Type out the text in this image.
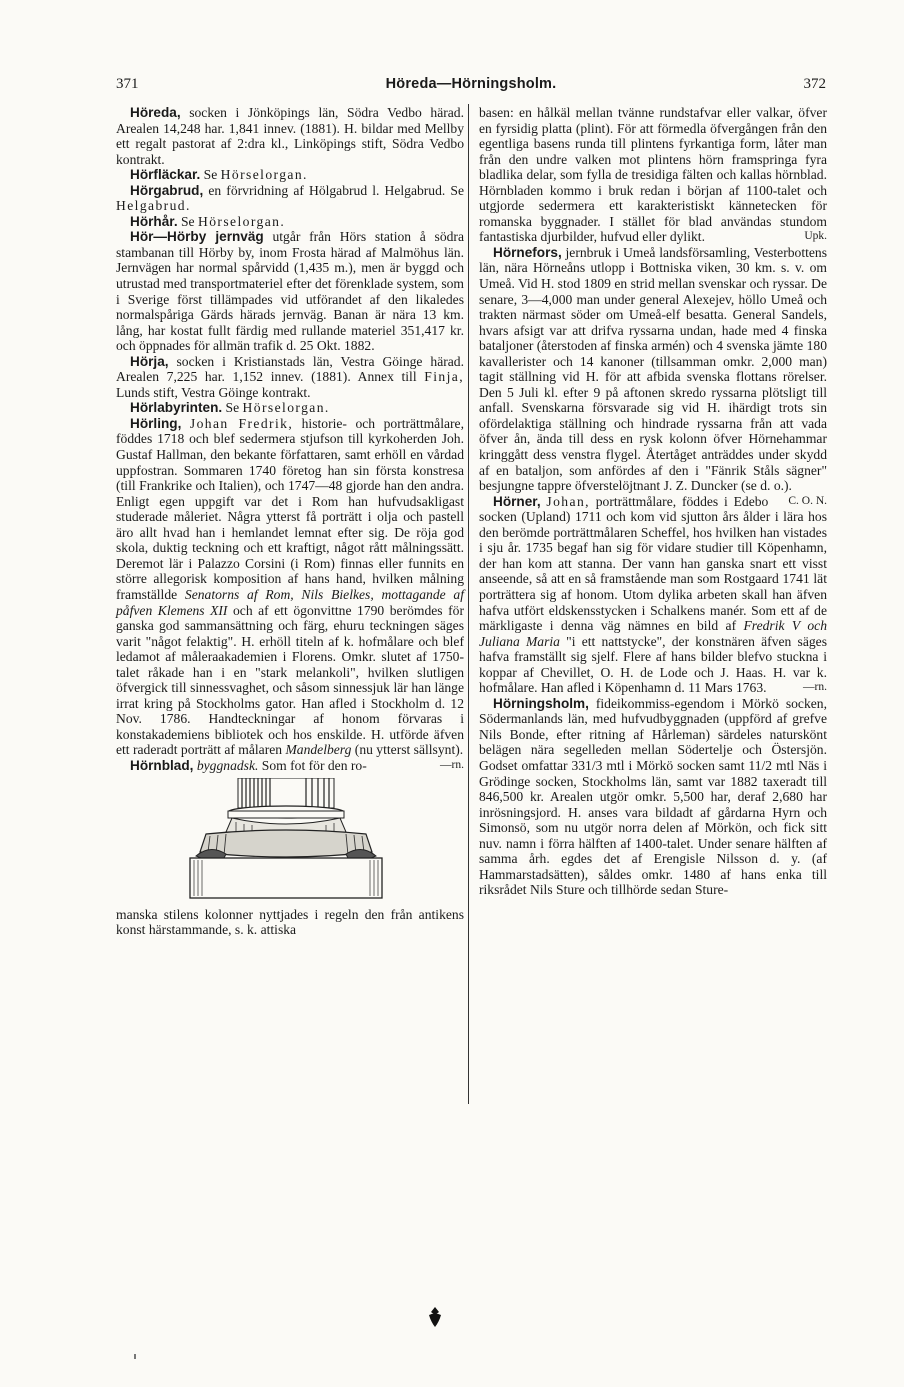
371	Höreda—Hörningsholm.	372

Höreda, socken i Jönköpings län, Södra Vedbo härad. Arealen 14,248 har. 1,841 innev. (1881). H. bildar med Mellby ett regalt pastorat af 2:dra kl., Linköpings stift, Södra Vedbo kontrakt.

Hörfläckar. Se Hörselorgan.

Hörgabrud, en förvridning af Hölgabrud l. Helgabrud. Se Helgabrud.

Hörhår. Se Hörselorgan.

Hör—Hörby jernväg utgår från Hörs station å södra stambanan till Hörby by, inom Frosta härad af Malmöhus län. Jernvägen har normal spårvidd (1,435 m.), men är byggd och utrustad med transportmateriel efter det förenklade system, som i Sverige först tillämpades vid utförandet af den likaledes normalspåriga Gärds härads jernväg. Banan är nära 13 km. lång, har kostat fullt färdig med rullande materiel 351,417 kr. och öppnades för allmän trafik d. 25 Okt. 1882.

Hörja, socken i Kristianstads län, Vestra Göinge härad. Arealen 7,225 har. 1,152 innev. (1881). Annex till Finja, Lunds stift, Vestra Göinge kontrakt.

Hörlabyrinten. Se Hörselorgan.

Hörling, Johan Fredrik, historie- och porträttmålare, föddes 1718 och blef sedermera stjufson till kyrkoherden Joh. Gustaf Hallman, den bekante författaren, samt erhöll en vårdad uppfostran. Sommaren 1740 företog han sin första konstresa (till Frankrike och Italien), och 1747—48 gjorde han den andra. Enligt egen uppgift var det i Rom han hufvudsakligast studerade måleriet. Några ytterst få porträtt i olja och pastell äro allt hvad han i hemlandet lemnat efter sig. De röja god skola, duktig teckning och ett kraftigt, något rått målningssätt. Deremot lär i Palazzo Corsini (i Rom) finnas eller funnits en större allegorisk komposition af hans hand, hvilken målning framställde Senatorns af Rom, Nils Bielkes, mottagande af påfven Klemens XII och af ett ögonvittne 1790 berömdes för ganska god sammansättning och färg, ehuru teckningen säges varit "något felaktig". H. erhöll titeln af k. hofmålare och blef ledamot af måleraakademien i Florens. Omkr. slutet af 1750-talet råkade han i en "stark melankoli", hvilken slutligen öfvergick till sinnessvaghet, och såsom sinnessjuk lär han länge irrat kring på Stockholms gator. Han afled i Stockholm d. 12 Nov. 1786. Handteckningar af honom förvaras i konstakademiens bibliotek och hos enskilde. H. utförde äfven ett raderadt porträtt af målaren Mandelberg (nu ytterst sällsynt).
—rn.

Hörnblad, byggnadsk. Som fot för den ro-

manska stilens kolonner nyttjades i regeln den från antikens konst härstammande, s. k. attiska

basen: en hålkäl mellan tvänne rundstafvar eller valkar, öfver en fyrsidig platta (plint). För att förmedla öfvergången från den egentliga basens runda till plintens fyrkantiga form, låter man från den undre valken mot plintens hörn framspringa fyra bladlika delar, som fylla de tresidiga fälten och kallas hörnblad. Hörnbladen kommo i bruk redan i början af 1100-talet och utgjorde sedermera ett karakteristiskt kännetecken för romanska byggnader. I stället för blad användas stundom fantastiska djurbilder, hufvud eller dylikt.	Upk.

Hörnefors, jernbruk i Umeå landsförsamling, Vesterbottens län, nära Hörneåns utlopp i Bottniska viken, 30 km. s. v. om Umeå. Vid H. stod 1809 en strid mellan svenskar och ryssar. De senare, 3—4,000 man under general Alexejev, höllo Umeå och trakten närmast söder om Umeå-elf besatta. General Sandels, hvars afsigt var att drifva ryssarna undan, hade med 4 finska bataljoner (återstoden af finska armén) och 4 svenska jämte 180 kavallerister och 14 kanoner (tillsamman omkr. 2,000 man) tagit ställning vid H. för att afbida svenska flottans rörelser. Den 5 Juli kl. efter 9 på aftonen skredo ryssarna plötsligt till anfall. Svenskarna försvarade sig vid H. ihärdigt trots sin ofördelaktiga ställning och hindrade ryssarna från att vada öfver ån, ända till dess en rysk kolonn öfver Hörnehammar kringgått dess venstra flygel. Återtåget anträddes under skydd af en bataljon, som anfördes af den i "Fänrik Ståls sägner" besjungne tappre öfverstelöjtnant J. Z. Duncker (se d. o.).
C. O. N.

Hörner, Johan, porträttmålare, föddes i Edebo socken (Upland) 1711 och kom vid sjutton års ålder i lära hos den berömde porträttmålaren Scheffel, hos hvilken han vistades i sju år. 1735 begaf han sig för vidare studier till Köpenhamn, der han kom att stanna. Der vann han ganska snart ett visst anseende, så att en så framstående man som Rostgaard 1741 lät porträttera sig af honom. Utom dylika arbeten skall han äfven hafva utfört eldskensstycken i Schalkens manér. Som ett af de märkligaste i denna väg nämnes en bild af Fredrik V och Juliana Maria "i ett nattstycke", der konstnären äfven säges hafva framställt sig sjelf. Flere af hans bilder blefvo stuckna i koppar af Chevillet, O. H. de Lode och J. Haas. H. var k. hofmålare. Han afled i Köpenhamn d. 11 Mars 1763.	—rn.

Hörningsholm, fideikommiss-egendom i Mörkö socken, Södermanlands län, med hufvudbyggnaden (uppförd af grefve Nils Bonde, efter ritning af Hårleman) särdeles naturskönt belägen nära segelleden mellan Södertelje och Östersjön. Godset omfattar 331/3 mtl i Mörkö socken samt 11/2 mtl Näs i Grödinge socken, Stockholms län, samt var 1882 taxeradt till 846,500 kr. Arealen utgör omkr. 5,500 har, deraf 2,680 har inrösningsjord. H. anses vara bildadt af gårdarna Hyrn och Simonsö, som nu utgör norra delen af Mörkön, och fick sitt nuv. namn i förra hälften af 1400-talet. Under senare hälften af samma årh. egdes det af Erengisle Nilsson d. y. (af Hammarstadsätten), såldes omkr. 1480 af hans enka till riksrådet Nils Sture och tillhörde sedan Sture-
